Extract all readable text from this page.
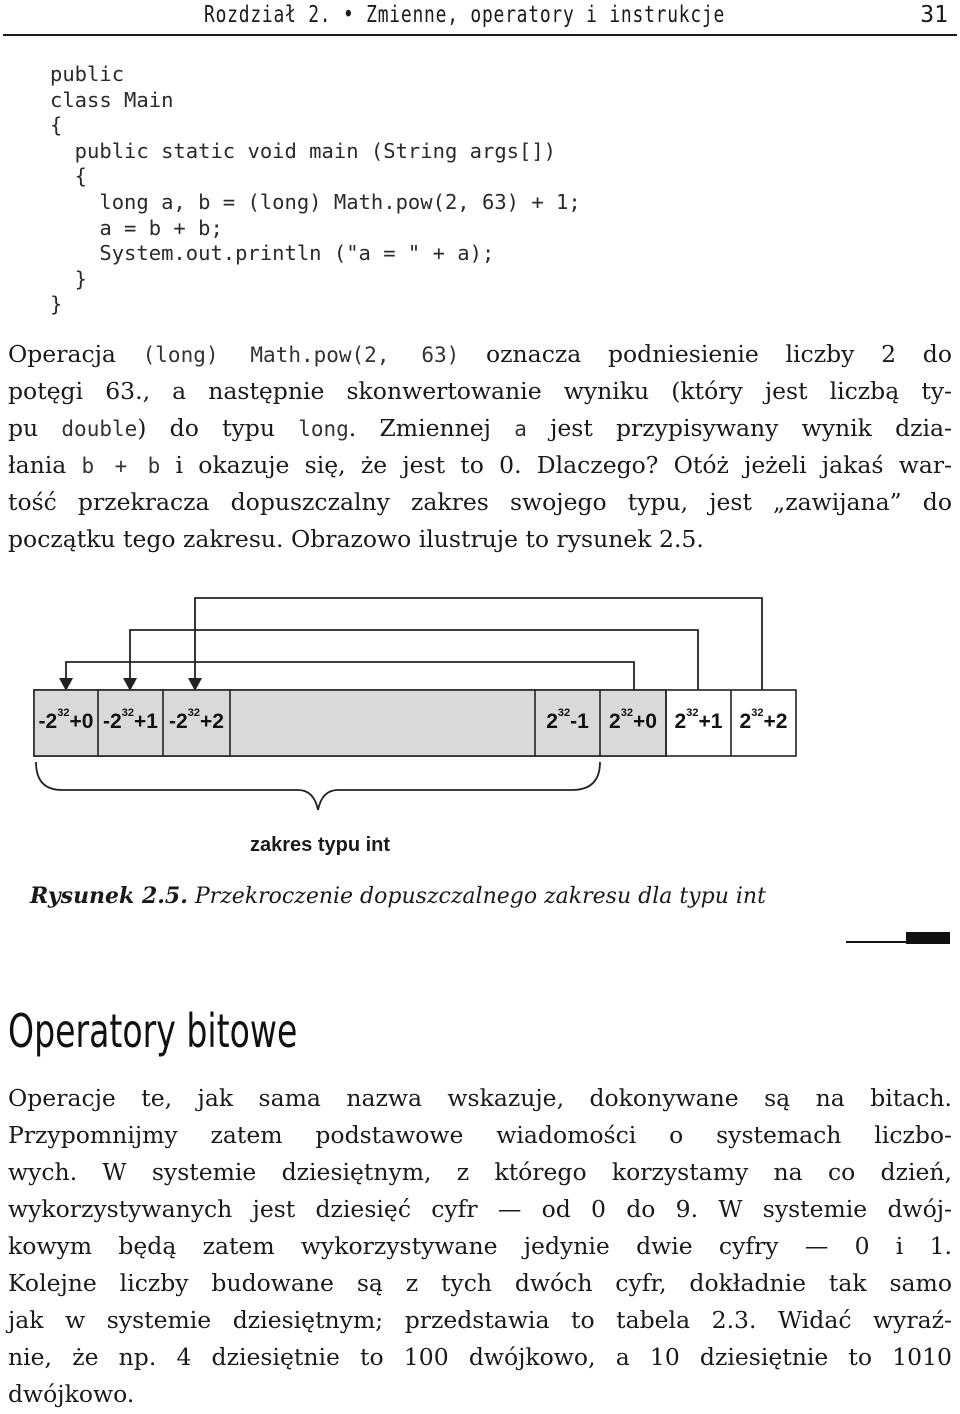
Rozdział 2. • Zmienne, operatory i instrukcje	31
public
class Main
{
public static void main (String args[])
{
long a, b = (long) Math.pow(2, 63) + 1;
a = b + b;
System.out.println ("a = " + a);
}
}
Operacja (long) Math.pow(2, 63) oznacza podniesienie liczby 2 do
potęgi 63., a następnie skonwertowanie wyniku (który jest liczbą ty-
pu double) do typu long. Zmiennej a jest przypisywany wynik dzia-
łania b + b i okazuje się, że jest to 0. Dlaczego? Otóż jeżeli jakaś war-
tość przekracza dopuszczalny zakres swojego typu, jest „zawijana” do
początku tego zakresu. Obrazowo ilustruje to rysunek 2.5.
$-2^{32}+0$ $-2^{32}+1$ $-2^{32}+2$	$2^{32}-1$ $2^{32}+0$ $2^{32}+1$ $2^{32}+2$
zakres typu int
Rysunek 2.5. Przekroczenie dopuszczalnego zakresu dla typu int
Operatory bitowe
Operacje te, jak sama nazwa wskazuje, dokonywane są na bitach.
Przypomnijmy zatem podstawowe wiadomości o systemach liczbo-
wych. W systemie dziesiętnym, z którego korzystamy na co dzień,
wykorzystywanych jest dziesięć cyfr — od 0 do 9. W systemie dwój-
kowym będą zatem wykorzystywane jedynie dwie cyfry — 0 i 1.
Kolejne liczby budowane są z tych dwóch cyfr, dokładnie tak samo
jak w systemie dziesiętnym; przedstawia to tabela 2.3. Widać wyraź-
nie, że np. 4 dziesiętnie to 100 dwójkowo, a 10 dziesiętnie to 1010
dwójkowo.
